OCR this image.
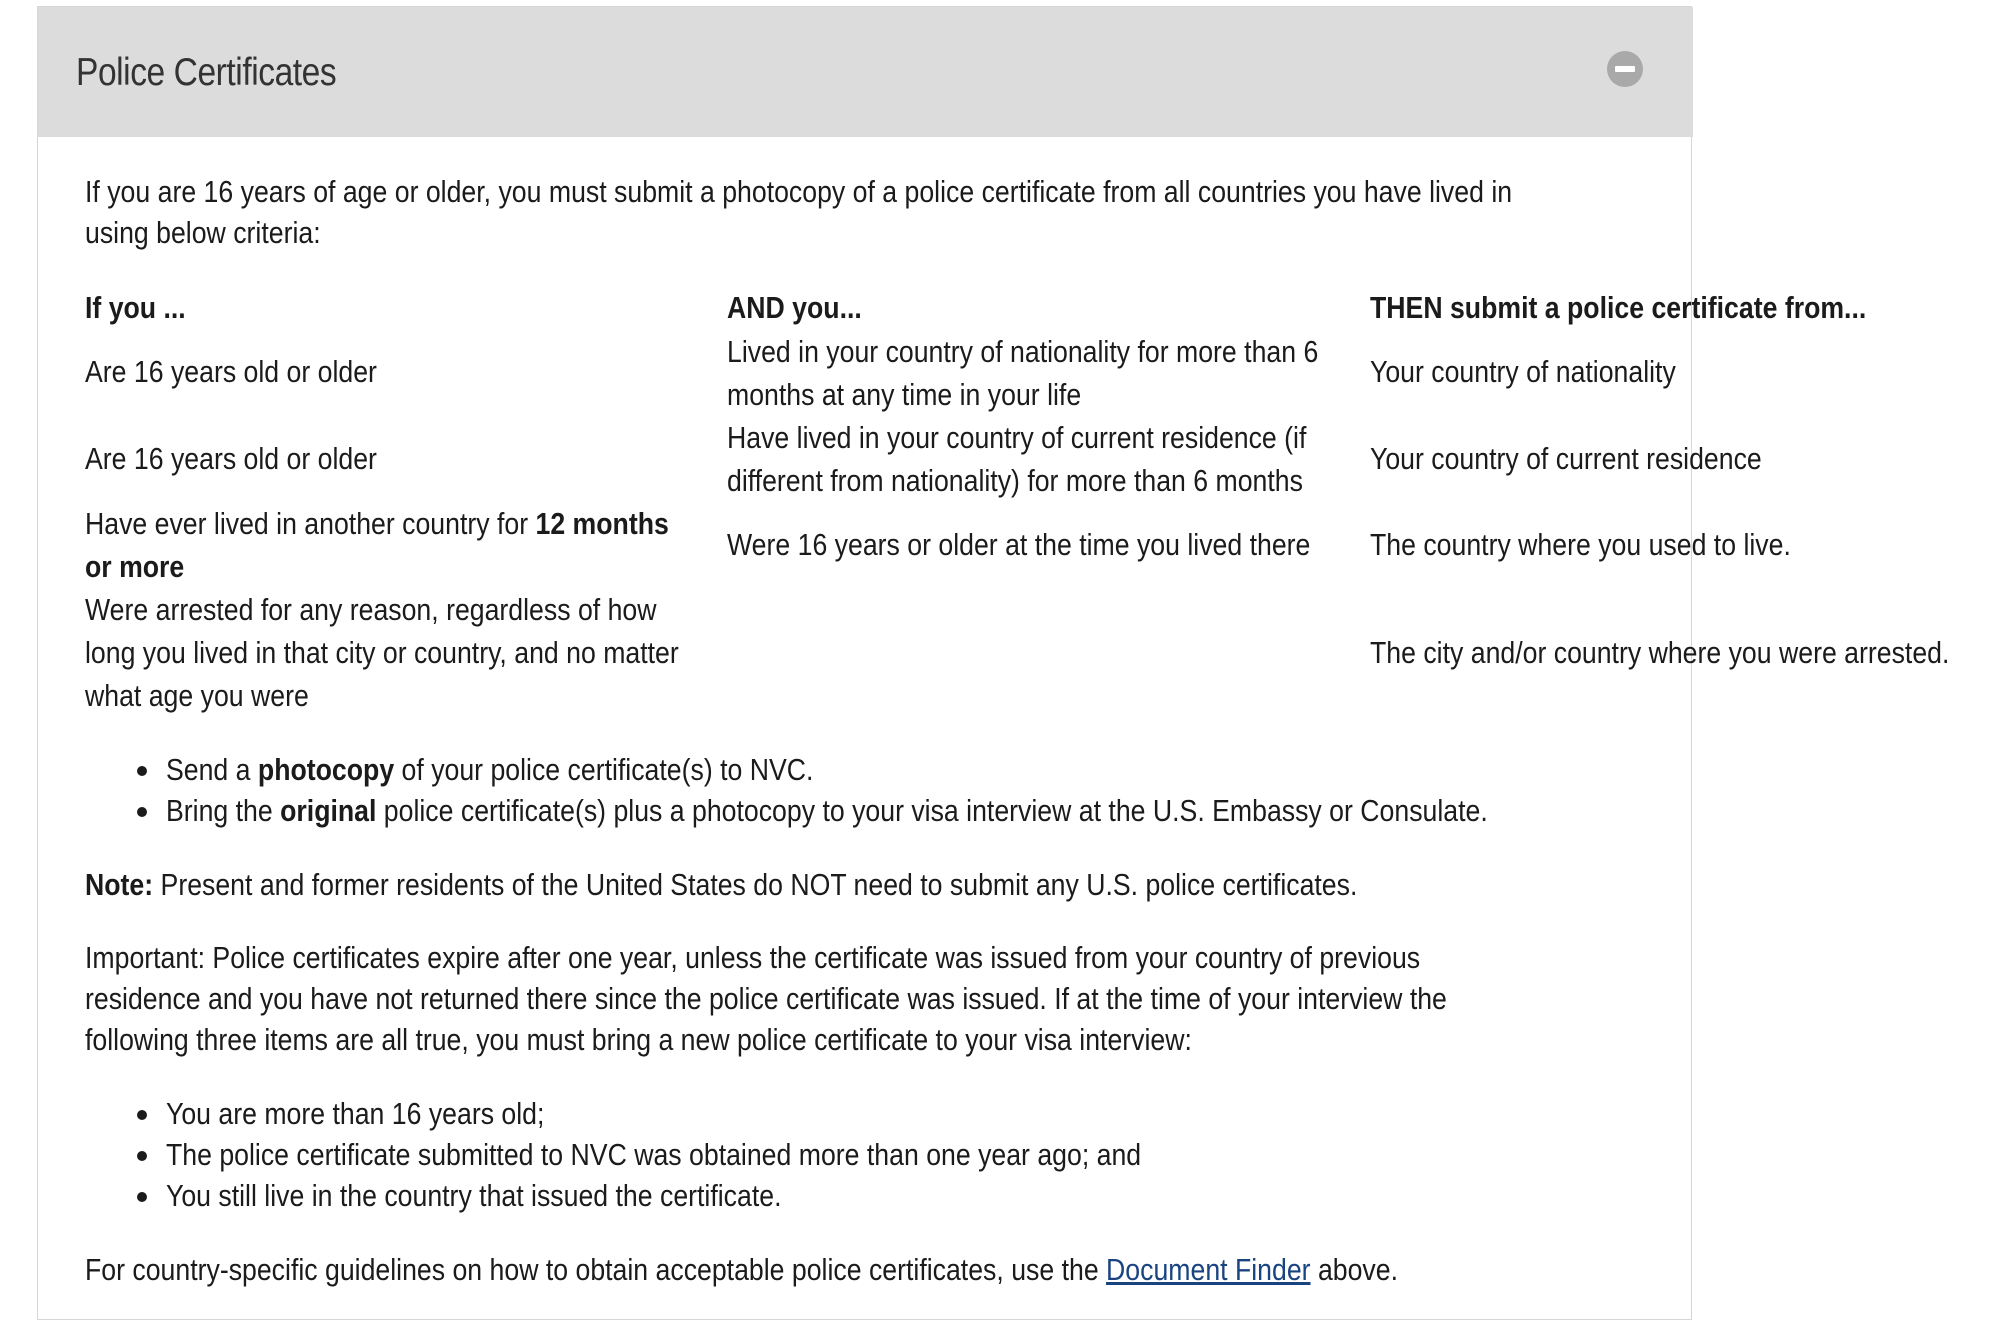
Police Certificates
If you are 16 years of age or older, you must submit a photocopy of a police certificate from all countries you have lived in
using below criteria:
If you ...	AND you...	THEN submit a police certificate from...
Are 16 years old or older
Lived in your country of nationality for more than 6
months at any time in your life
Your country of nationality
Are 16 years old or older
Have lived in your country of current residence (if
different from nationality) for more than 6 months
Your country of current residence
Have ever lived in another country for 12 months
or more
Were 16 years or older at the time you lived there The country where you used to live.
Were arrested for any reason, regardless of how
long you lived in that city or country, and no matter
what age you were
The city and/or country where you were arrested.
Send a photocopy of your police certificate(s) to NVC.
Bring the original police certificate(s) plus a photocopy to your visa interview at the U.S. Embassy or Consulate.
Note: Present and former residents of the United States do NOT need to submit any U.S. police certificates.
Important: Police certificates expire after one year, unless the certificate was issued from your country of previous
residence and you have not returned there since the police certificate was issued. If at the time of your interview the
following three items are all true, you must bring a new police certificate to your visa interview:
You are more than 16 years old;
The police certificate submitted to NVC was obtained more than one year ago; and
You still live in the country that issued the certificate.
For country-specific guidelines on how to obtain acceptable police certificates, use the Document Finder above.
